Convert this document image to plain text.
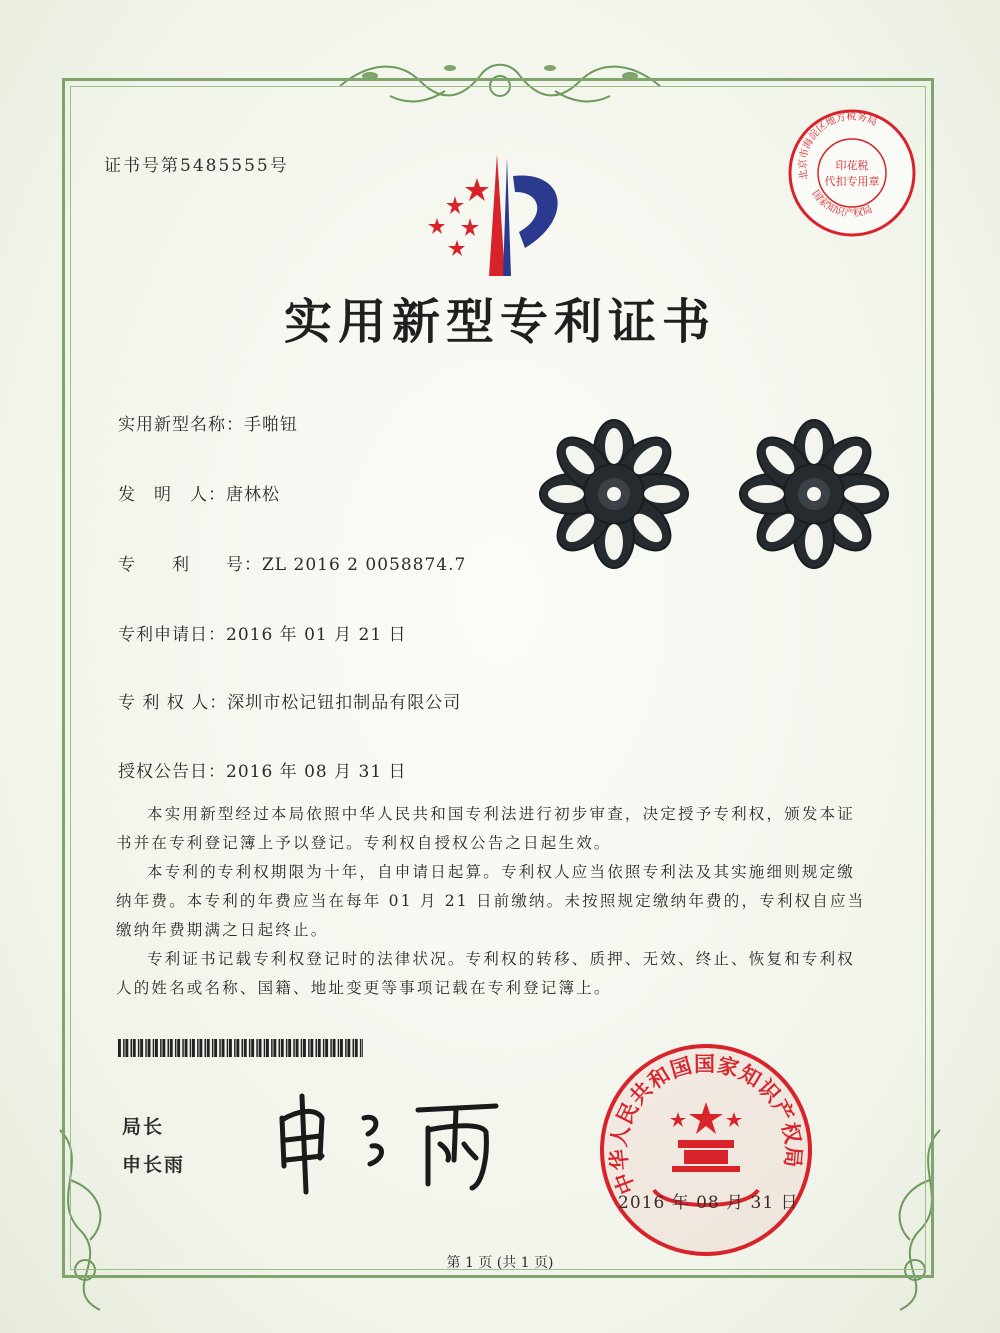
证书号第5485555号
实用新型专利证书
实用新型名称：手啪钮
发　明　人：唐林松
专　　利　　号：ZL 2016 2 0058874.7
专利申请日：2016 年 01 月 21 日
专 利 权 人：深圳市松记钮扣制品有限公司
授权公告日：2016 年 08 月 31 日

本实用新型经过本局依照中华人民共和国专利法进行初步审查，决定授予专利权，颁发本证书并在专利登记簿上予以登记。专利权自授权公告之日起生效。

本专利的专利权期限为十年，自申请日起算。专利权人应当依照专利法及其实施细则规定缴纳年费。本专利的年费应当在每年 01 月 21 日前缴纳。未按照规定缴纳年费的，专利权自应当缴纳年费期满之日起终止。

专利证书记载专利权登记时的法律状况。专利权的转移、质押、无效、终止、恢复和专利权人的姓名或名称、国籍、地址变更等事项记载在专利登记簿上。

局长
申长雨
中华人民共和国国家知识产权局
2016 年 08 月 31 日
北京市海淀区地方税务局
国家知识产权局
印花税
代扣专用章
第 1 页 (共 1 页)
